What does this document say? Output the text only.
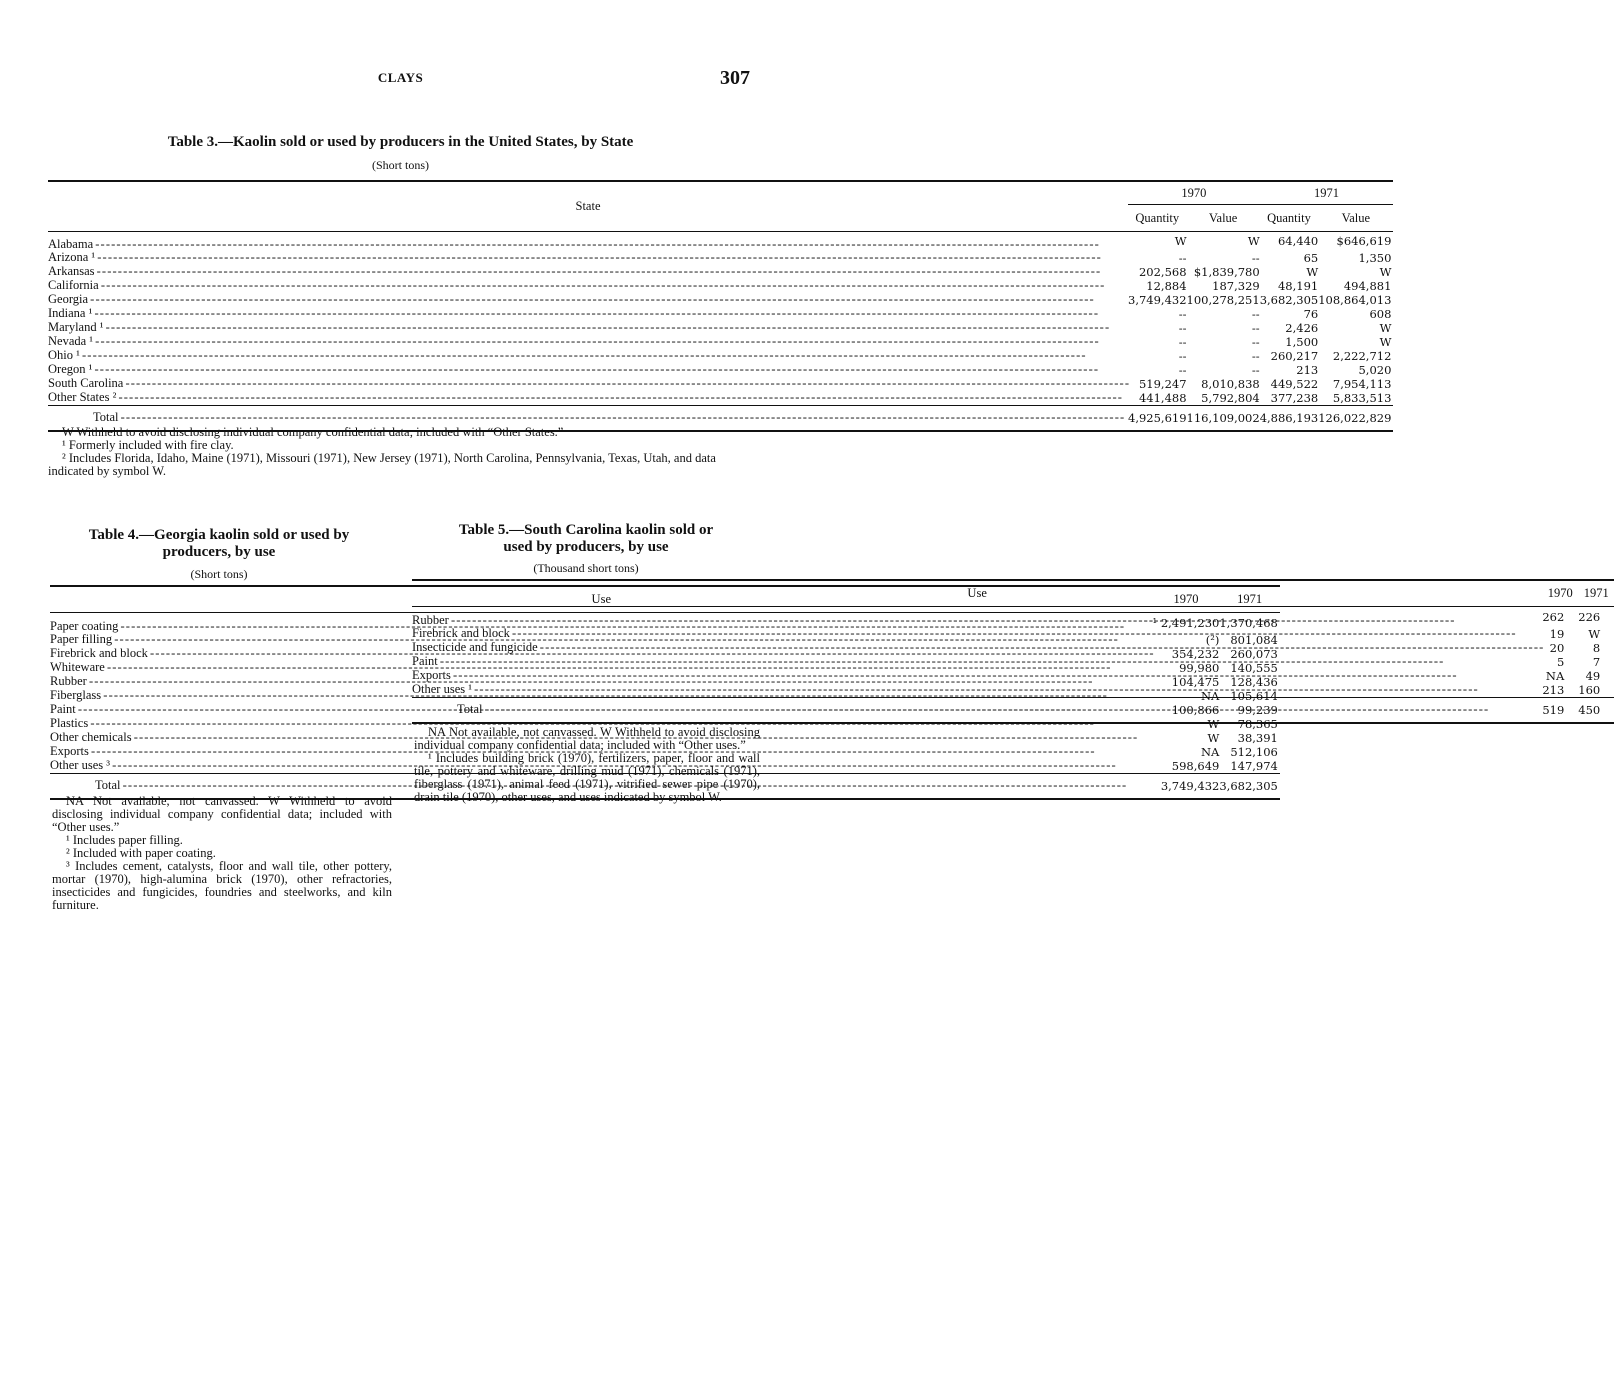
CLAYS	307
Table 3.—Kaolin sold or used by producers in the United States, by State
(Short tons)
State	1970		1971	
	Quantity	Value	Quantity	Value
Alabama - - -	W	W	64,440	$646,619
Arizona ¹ - - -	--	--	65	1,350
Arkansas - - -	202,568	$1,839,780	W	W
California - - -	12,884	187,329	48,191	494,881
Georgia - - -	3,749,432	100,278,251	3,682,305	108,864,013
Indiana ¹ - - -	--	--	76	608
Maryland ¹ - - -	--	--	2,426	W
Nevada ¹ - - -	--	--	1,500	W
Ohio ¹ - - -	--	--	260,217	2,222,712
Oregon ¹ - - -	--	--	213	5,020
South Carolina - - -	519,247	8,010,838	449,522	7,954,113
Other States ² - - -	441,488	5,792,804	377,238	5,833,513
Total - - -	4,925,619	116,109,002	4,886,193	126,022,829

W Withheld to avoid disclosing individual company confidential data; included with “Other States.”

¹ Formerly included with fire clay.

² Includes Florida, Idaho, Maine (1971), Missouri (1971), New Jersey (1971), North Carolina, Pennsylvania, Texas, Utah, and data indicated by symbol W.

Table 4.—Georgia kaolin sold or used by
producers, by use
(Short tons)
Use	1970	1971
Paper coating - - -	¹ 2,491,230	1,370,468
Paper filling - - -	(²)	801,084
Firebrick and block - - -	354,232	260,073
Whiteware - - -	99,980	140,555
Rubber - - -	104,475	128,436
Fiberglass - - -	NA	105,614
Paint - - -	100,866	99,239
Plastics - - -	W	78,365
Other chemicals - - -	W	38,391
Exports - - -	NA	512,106
Other uses ³ - - -	598,649	147,974
Total - - -	3,749,432	3,682,305

NA Not available, not canvassed. W Withheld to avoid disclosing individual company confidential data; included with “Other uses.”

¹ Includes paper filling.

² Included with paper coating.

³ Includes cement, catalysts, floor and wall tile, other pottery, mortar (1970), high-alumina brick (1970), other refractories, insecticides and fungicides, foundries and steelworks, and kiln furniture.

Table 5.—South Carolina kaolin sold or
used by producers, by use
(Thousand short tons)
Use	1970	1971
Rubber - - -	262	226
Firebrick and block - - -	19	W
Insecticide and fungicide - - -	20	8
Paint - - -	5	7
Exports - - -	NA	49
Other uses ¹ - - -	213	160
Total - - -	519	450

NA Not available, not canvassed. W Withheld to avoid disclosing individual company confidential data; included with “Other uses.”

¹ Includes building brick (1970), fertilizers, paper, floor and wall tile, pottery and whiteware, drilling mud (1971), chemicals (1971), fiberglass (1971), animal feed (1971), vitrified sewer pipe (1970), drain tile (1970), other uses, and uses indicated by symbol W.
